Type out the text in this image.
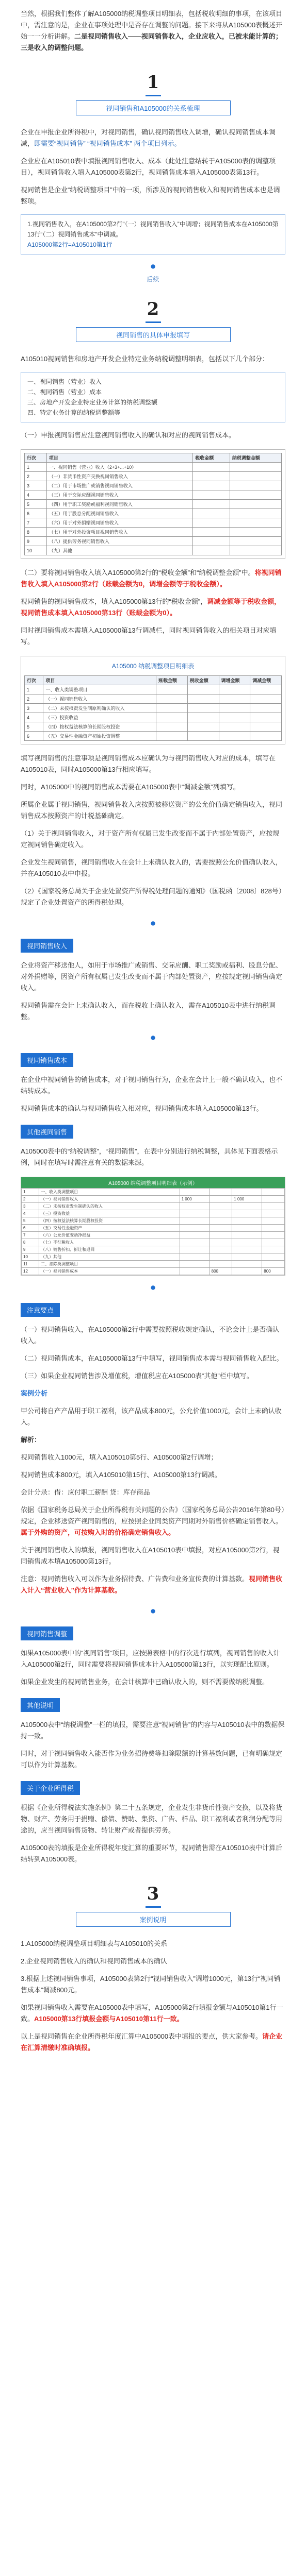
当然，根据我们整体了解A105000纳税调整项目明细表，包括税收明细的事项，在该项目中，需注意的是，企业在事项处理中是否存在调整的问题。接下来将从A105000表概述开始一一分析讲解。二是视同销售收入——视同销售收入，企业应收入，已被未能计算的；三是收入的调整问题。
1
视同销售和A105000的关系梳理
企业在申报企业所得税中，对视同销售，确认视同销售收入调增，确认视同销售成本调减，即需要“视同销售” “视同销售成本” 两个项目列示。
企业应在A105010表中填报视同销售收入、成本（此处注意结转于A105000表的调整项目），视同销售收入填入A105000表第2行，视同销售成本填入A105000表第13行。
视同销售是企业“纳税调整项目”中的一项，所涉及的视同销售收入和视同销售成本也是调整项。
1.视同销售收入，在A105000第2行“（一）视同销售收入”中调增；视同销售成本在A105000第13行“（二）视同销售成本”中调减。
A105000第2行=A105010第1行
⚫
后续
2
视同销售的具体申报填写
A105010视同销售和房地产开发企业特定业务纳税调整明细表，包括以下几个部分：
一、视同销售（营业）收入
二、视同销售（营业）成本
三、房地产开发企业特定业务计算的纳税调整额
四、特定业务计算的纳税调整额等
（一）申报视同销售应注意视同销售收入的确认和对应的视同销售成本。
行次	项目	税收金额	纳税调整金额
1	一、视同销售（营业）收入（2+3+...+10）		
2	（一）非货币性资产交换视同销售收入		
3	（二）用于市场推广或销售视同销售收入		
4	（三）用于交际应酬视同销售收入		
5	（四）用于职工奖励或福利视同销售收入		
6	（五）用于股息分配视同销售收入		
7	（六）用于对外捐赠视同销售收入		
8	（七）用于对外投资项目视同销售收入		
9	（八）提供劳务视同销售收入		
10	（九）其他		
（二）要将视同销售收入填入A105000第2行的“税收金额”和“纳税调整金额”中。将视同销售收入填入A105000第2行（账载金额为0，调增金额等于税收金额）。
视同销售的视同销售成本，填入A105000第13行的“税收金额”，调减金额等于税收金额，视同销售成本填入A105000第13行（账载金额为0）。
同时视同销售成本需填入A105000第13行调减栏，同时视同销售收入的相关项目对应填写。
A105000 纳税调整项目明细表
行次	项目	账载金额	税收金额	调增金额	调减金额
1	一、收入类调整项目				
2	（一）视同销售收入				
3	（二）未按权责发生制原则确认的收入				
4	（三）投资收益				
5	（四）按权益法核算的长期股权投资				
6	（五）交易性金融资产初始投资调整				
填写视同销售的注意事项是视同销售成本应确认为与视同销售收入对应的成本，填写在A105010表，同时A105000第13行相应填写。
同时，A105000中的视同销售成本需要在A105000表中“调减金额”列填写。
所属企业属于视同销售，视同销售收入应按照被移送资产的公允价值确定销售收入，视同销售成本按照资产的计税基础确定。
（1）关于视同销售收入，对于资产所有权属已发生改变而不属于内部处置资产，应按规定视同销售确定收入。
企业发生视同销售，视同销售收入在会计上未确认收入的，需要按照公允价值确认收入，并在A105010表中申报。
（2）《国家税务总局关于企业处置资产所得税处理问题的通知》（国税函〔2008〕828号）规定了企业处置资产的所得税处理。
⚫
视同销售收入
企业将资产移送他人，如用于市场推广或销售、交际应酬、职工奖励或福利、股息分配、对外捐赠等，因资产所有权属已发生改变而不属于内部处置资产，应按规定视同销售确定收入。
视同销售需在会计上未确认收入，而在税收上确认收入，需在A105010表中进行纳税调整。
⚫
视同销售成本
在企业中视同销售的销售成本，对于视同销售行为，企业在会计上一般不确认收入，也不结转成本。
视同销售成本的确认与视同销售收入相对应，视同销售成本填入A105000第13行。
其他视同销售
A105000表中的“纳税调整”，“视同销售”，在表中分别进行纳税调整，具体见下面表格示例，同时在填写时需注意有关的数据来源。
A105000 纳税调整项目明细表（示例）
1	一、收入类调整项目				
2	（一）视同销售收入	1 000		1 000	
3	（二）未按权责发生制确认的收入				
4	（三）投资收益				
5	（四）按权益法核算长期股权投资				
6	（五）交易性金融资产				
7	（六）公允价值变动净损益				
8	（七）不征税收入				
9	（八）销售折扣、折让和退回				
10	（九）其他				
11	二、扣除类调整项目				
12	（一）视同销售成本		800		800
⚫
注意要点
（一）视同销售收入，在A105000第2行中需要按照税收规定确认，不论会计上是否确认收入。
（二）视同销售成本，在A105000第13行中填写，视同销售成本需与视同销售收入配比。
（三）如果企业视同销售涉及增值税，增值税应在A105000表“其他”栏中填写。
案例分析
甲公司将自产产品用于职工福利，该产品成本800元，公允价值1000元，会计上未确认收入。
解析：
视同销售收入1000元，填入A105010第5行、A105000第2行调增；
视同销售成本800元，填入A105010第15行、A105000第13行调减。
会计分录：借：应付职工薪酬 贷：库存商品
依据《国家税务总局关于企业所得税有关问题的公告》（国家税务总局公告2016年第80号）规定，企业移送资产视同销售的，应按照企业同类资产同期对外销售价格确定销售收入。属于外购的资产，可按购入时的价格确定销售收入。
关于视同销售收入的填报，视同销售收入在A105010表中填报，对应A105000第2行，视同销售成本填A105000第13行。
注意：视同销售收入可以作为业务招待费、广告费和业务宣传费的计算基数。视同销售收入计入“营业收入”作为计算基数。
⚫
视同销售调整
如果A105000表中的“视同销售”项目，应按照表格中的行次进行填列，视同销售的收入计入A105000第2行，同时需要将视同销售成本计入A105000第13行，以实现配比原则。
如果企业发生的视同销售业务，在会计核算中已确认收入的，则不需要做纳税调整。
其他说明
A105000表中“纳税调整”一栏的填报，需要注意“视同销售”的内容与A105010表中的数据保持一致。
同时，对于视同销售收入能否作为业务招待费等扣除限额的计算基数问题，已有明确规定可以作为计算基数。
关于企业所得税
根据《企业所得税法实施条例》第二十五条规定，企业发生非货币性资产交换，以及将货物、财产、劳务用于捐赠、偿债、赞助、集资、广告、样品、职工福利或者利润分配等用途的，应当视同销售货物、转让财产或者提供劳务。
A105000表的填报是企业所得税年度汇算的重要环节，视同销售需在A105010表中计算后结转到A105000表。
3
案例说明
1.A105000纳税调整项目明细表与A105010的关系
2.企业视同销售收入的确认和视同销售成本的确认
3.根据上述视同销售事项，A105000表第2行“视同销售收入”调增1000元，第13行“视同销售成本”调减800元。
如果视同销售收入需要在A105000表中填写，A105000第2行填报金额与A105010第1行一致。A105000第13行填报金额与A105010第11行一致。
以上是视同销售在企业所得税年度汇算中A105000表中填报的要点，供大家参考。请企业在汇算清缴时准确填报。
